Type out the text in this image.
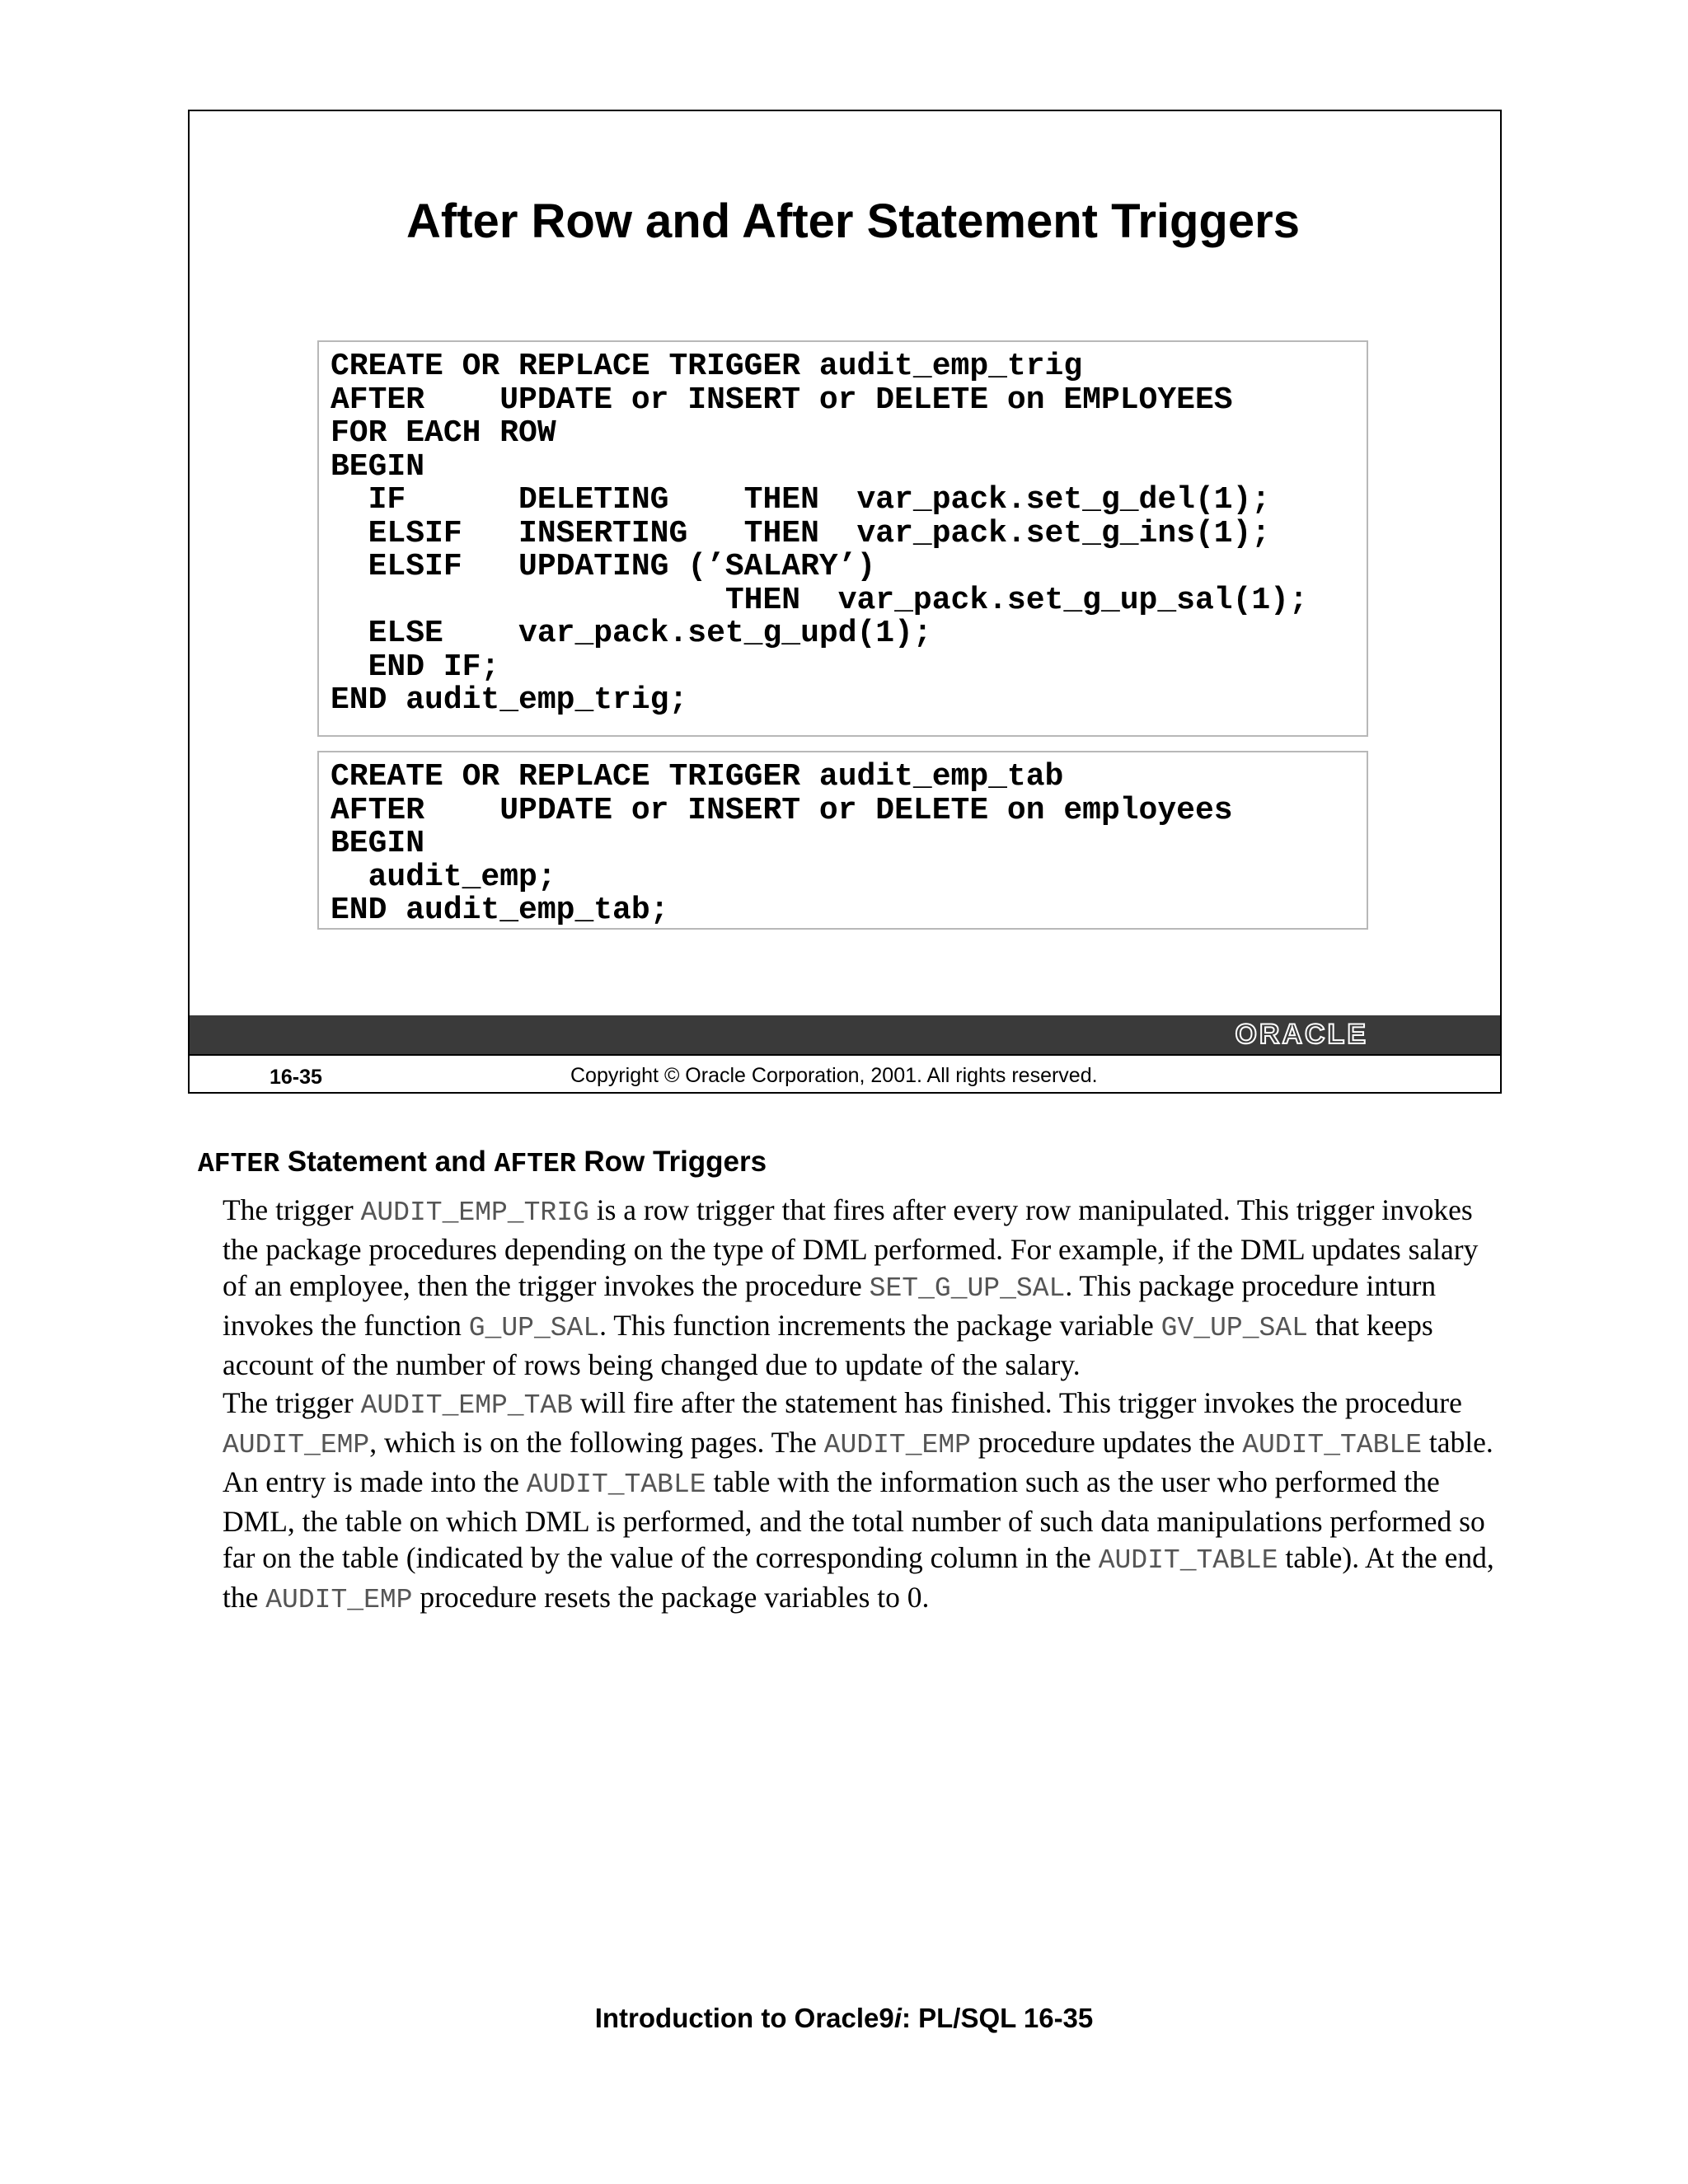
After Row and After Statement Triggers
CREATE OR REPLACE TRIGGER audit_emp_trig
AFTER    UPDATE or INSERT or DELETE on EMPLOYEES
FOR EACH ROW
BEGIN
IF      DELETING    THEN  var_pack.set_g_del(1);
ELSIF   INSERTING   THEN  var_pack.set_g_ins(1);
ELSIF   UPDATING (’SALARY’)
THEN  var_pack.set_g_up_sal(1);
ELSE    var_pack.set_g_upd(1);
END IF;
END audit_emp_trig;
CREATE OR REPLACE TRIGGER audit_emp_tab
AFTER    UPDATE or INSERT or DELETE on employees
BEGIN
audit_emp;
END audit_emp_tab;
ORACLE
16-35	Copyright © Oracle Corporation, 2001. All rights reserved.
AFTER Statement and AFTER Row Triggers

The trigger AUDIT_EMP_TRIG is a row trigger that fires after every row manipulated. This trigger invokes the package procedures depending on the type of DML performed. For example, if the DML updates salary of an employee, then the trigger invokes the procedure SET_G_UP_SAL. This package procedure inturn invokes the function G_UP_SAL. This function increments the package variable GV_UP_SAL that keeps account of the number of rows being changed due to update of the salary.

The trigger AUDIT_EMP_TAB will fire after the statement has finished. This trigger invokes the procedure AUDIT_EMP, which is on the following pages. The AUDIT_EMP procedure updates the AUDIT_TABLE table. An entry is made into the AUDIT_TABLE table with the information such as the user who performed the DML, the table on which DML is performed, and the total number of such data manipulations performed so far on the table (indicated by the value of the corresponding column in the AUDIT_TABLE table). At the end, the AUDIT_EMP procedure resets the package variables to 0.

Introduction to Oracle9i: PL/SQL 16-35
